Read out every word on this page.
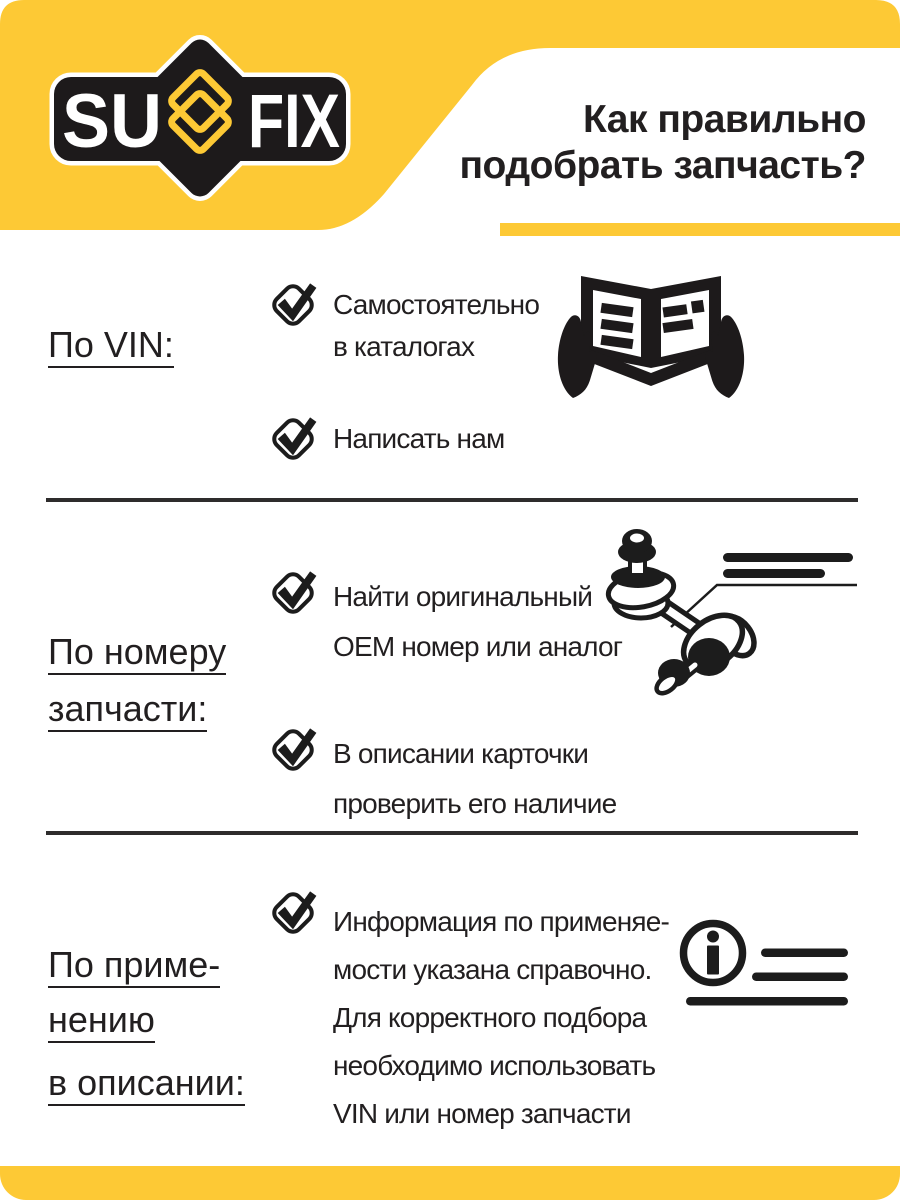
SU FIX	Как правильно
подобрать запчасть?
По VIN:
Самостоятельно
в каталогах
Написать нам
По номеру
запчасти:
Найти оригинальный
ОЕМ номер или аналог
В описании карточки
проверить его наличие
По приме-
нению
в описании:
Информация по применяе-
мости указана справочно.
Для корректного подбора
необходимо использовать
VIN или номер запчасти
